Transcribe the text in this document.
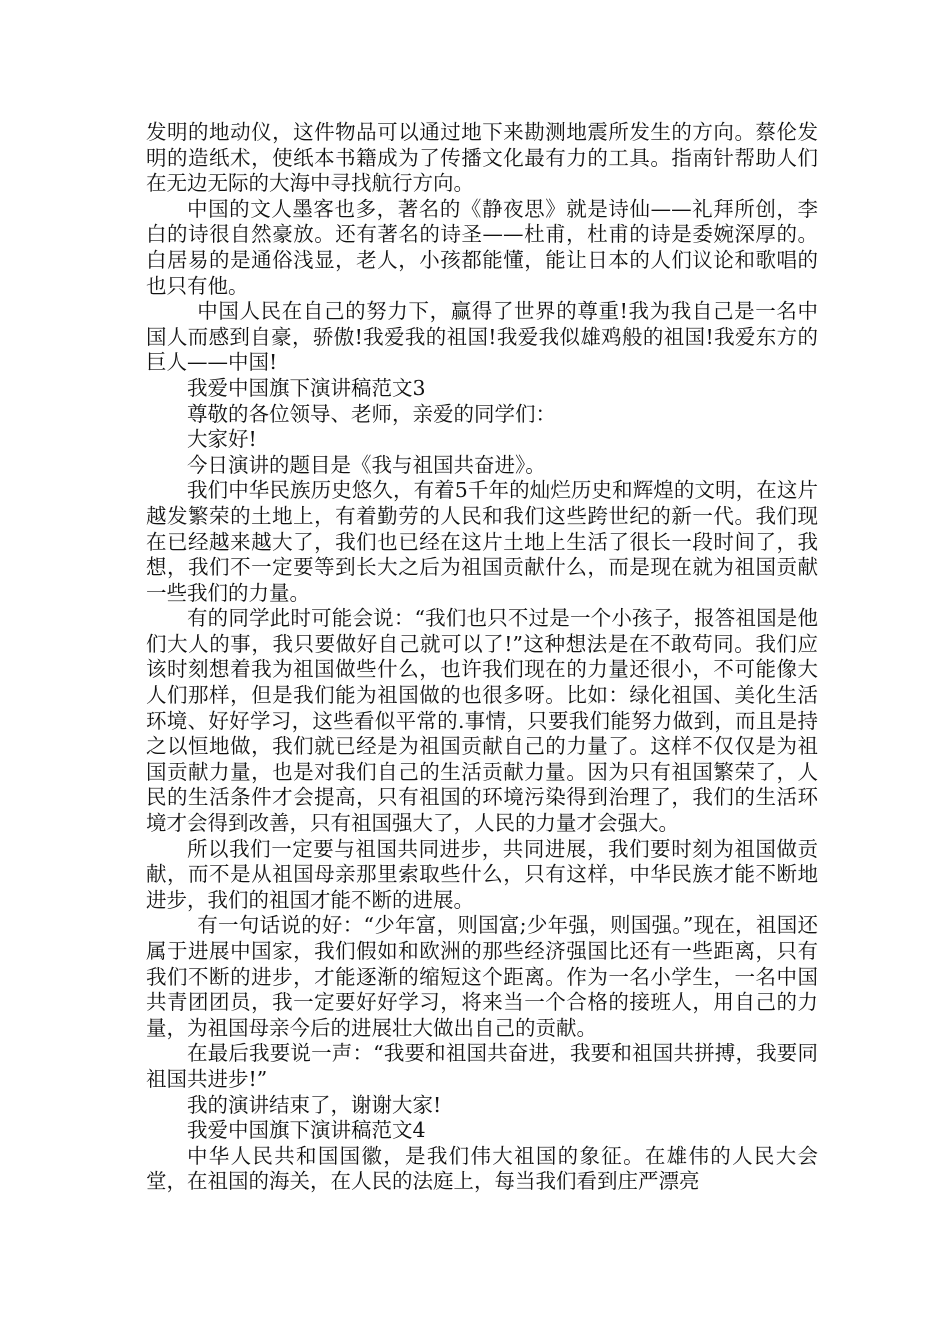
发明的地动仪，这件物品可以通过地下来勘测地震所发生的方向。蔡伦发明的造纸术，使纸本书籍成为了传播文化最有力的工具。指南针帮助人们在无边无际的大海中寻找航行方向。

中国的文人墨客也多，著名的《静夜思》就是诗仙——礼拜所创，李白的诗很自然豪放。还有著名的诗圣——杜甫，杜甫的诗是委婉深厚的。白居易的是通俗浅显，老人，小孩都能懂，能让日本的人们议论和歌唱的也只有他。

中国人民在自己的努力下，赢得了世界的尊重!我为我自己是一名中国人而感到自豪，骄傲!我爱我的祖国!我爱我似雄鸡般的祖国!我爱东方的巨人——中国!

我爱中国旗下演讲稿范文3

尊敬的各位领导、老师，亲爱的同学们：

大家好!

今日演讲的题目是《我与祖国共奋进》。

我们中华民族历史悠久，有着5千年的灿烂历史和辉煌的文明，在这片越发繁荣的土地上，有着勤劳的人民和我们这些跨世纪的新一代。我们现在已经越来越大了，我们也已经在这片土地上生活了很长一段时间了，我想，我们不一定要等到长大之后为祖国贡献什么，而是现在就为祖国贡献一些我们的力量。

有的同学此时可能会说：“我们也只不过是一个小孩子，报答祖国是他们大人的事，我只要做好自己就可以了!”这种想法是在不敢苟同。我们应该时刻想着我为祖国做些什么，也许我们现在的力量还很小，不可能像大人们那样，但是我们能为祖国做的也很多呀。比如：绿化祖国、美化生活环境、好好学习，这些看似平常的.事情，只要我们能努力做到，而且是持之以恒地做，我们就已经是为祖国贡献自己的力量了。这样不仅仅是为祖国贡献力量，也是对我们自己的生活贡献力量。因为只有祖国繁荣了，人民的生活条件才会提高，只有祖国的环境污染得到治理了，我们的生活环境才会得到改善，只有祖国强大了，人民的力量才会强大。

所以我们一定要与祖国共同进步，共同进展，我们要时刻为祖国做贡献，而不是从祖国母亲那里索取些什么，只有这样，中华民族才能不断地进步，我们的祖国才能不断的进展。

有一句话说的好：“少年富，则国富;少年强，则国强。”现在，祖国还属于进展中国家，我们假如和欧洲的那些经济强国比还有一些距离，只有我们不断的进步，才能逐渐的缩短这个距离。作为一名小学生，一名中国共青团团员，我一定要好好学习，将来当一个合格的接班人，用自己的力量，为祖国母亲今后的进展壮大做出自己的贡献。

在最后我要说一声：“我要和祖国共奋进，我要和祖国共拼搏，我要同祖国共进步!”

我的演讲结束了，谢谢大家!

我爱中国旗下演讲稿范文4

中华人民共和国国徽，是我们伟大祖国的象征。在雄伟的人民大会堂，在祖国的海关，在人民的法庭上，每当我们看到庄严漂亮
